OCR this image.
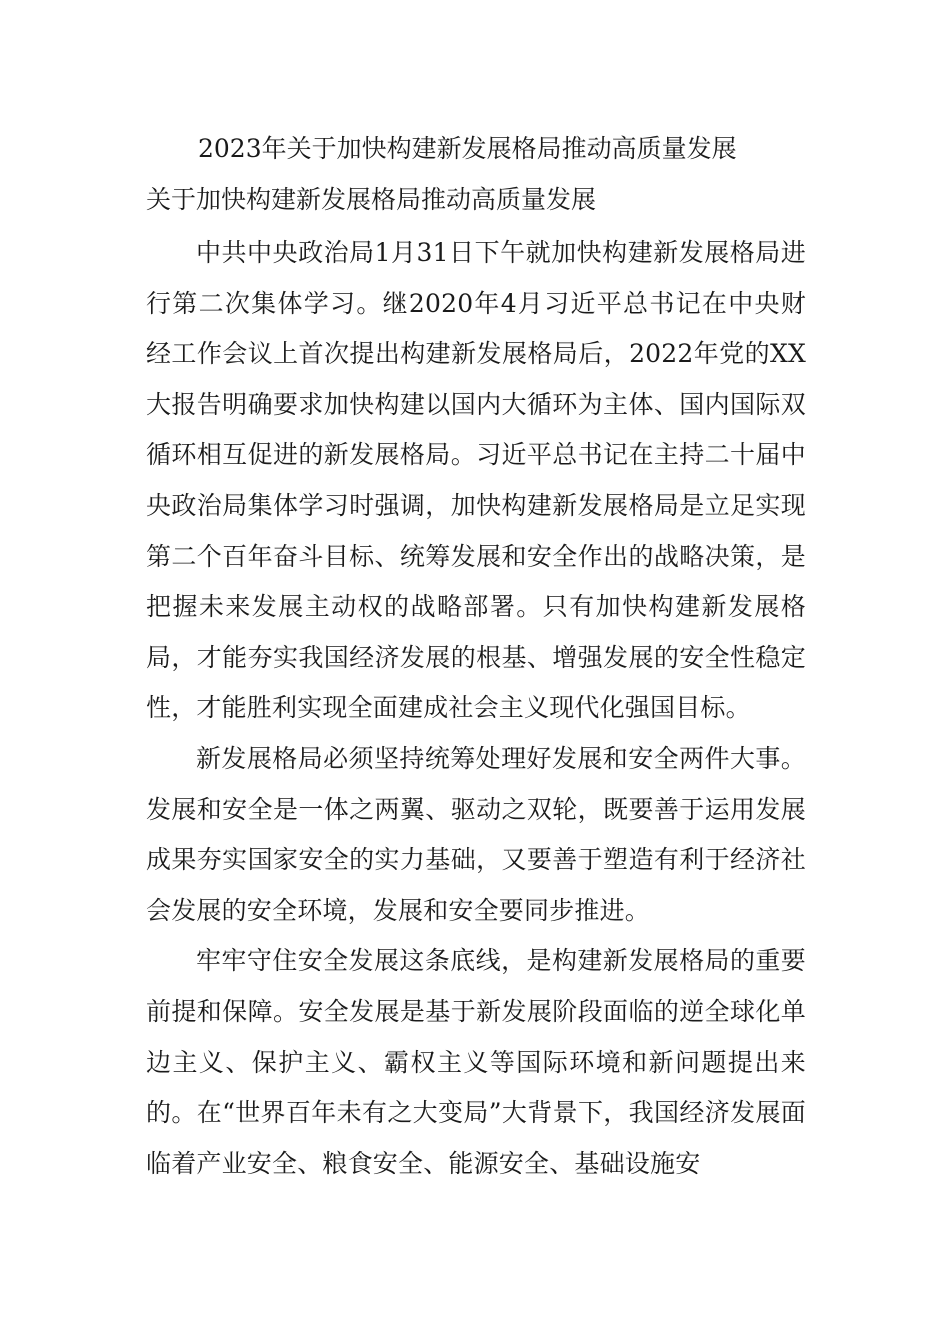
2023年关于加快构建新发展格局推动高质量发展
关于加快构建新发展格局推动高质量发展

中共中央政治局1月31日下午就加快构建新发展格局进行第二次集体学习。继2020年4月习近平总书记在中央财经工作会议上首次提出构建新发展格局后，2022年党的XX大报告明确要求加快构建以国内大循环为主体、国内国际双循环相互促进的新发展格局。习近平总书记在主持二十届中央政治局集体学习时强调，加快构建新发展格局是立足实现第二个百年奋斗目标、统筹发展和安全作出的战略决策，是把握未来发展主动权的战略部署。只有加快构建新发展格局，才能夯实我国经济发展的根基、增强发展的安全性稳定性，才能胜利实现全面建成社会主义现代化强国目标。

新发展格局必须坚持统筹处理好发展和安全两件大事。发展和安全是一体之两翼、驱动之双轮，既要善于运用发展成果夯实国家安全的实力基础，又要善于塑造有利于经济社会发展的安全环境，发展和安全要同步推进。

牢牢守住安全发展这条底线，是构建新发展格局的重要前提和保障。安全发展是基于新发展阶段面临的逆全球化单边主义、保护主义、霸权主义等国际环境和新问题提出来的。在“世界百年未有之大变局”大背景下，我国经济发展面临着产业安全、粮食安全、能源安全、基础设施安
